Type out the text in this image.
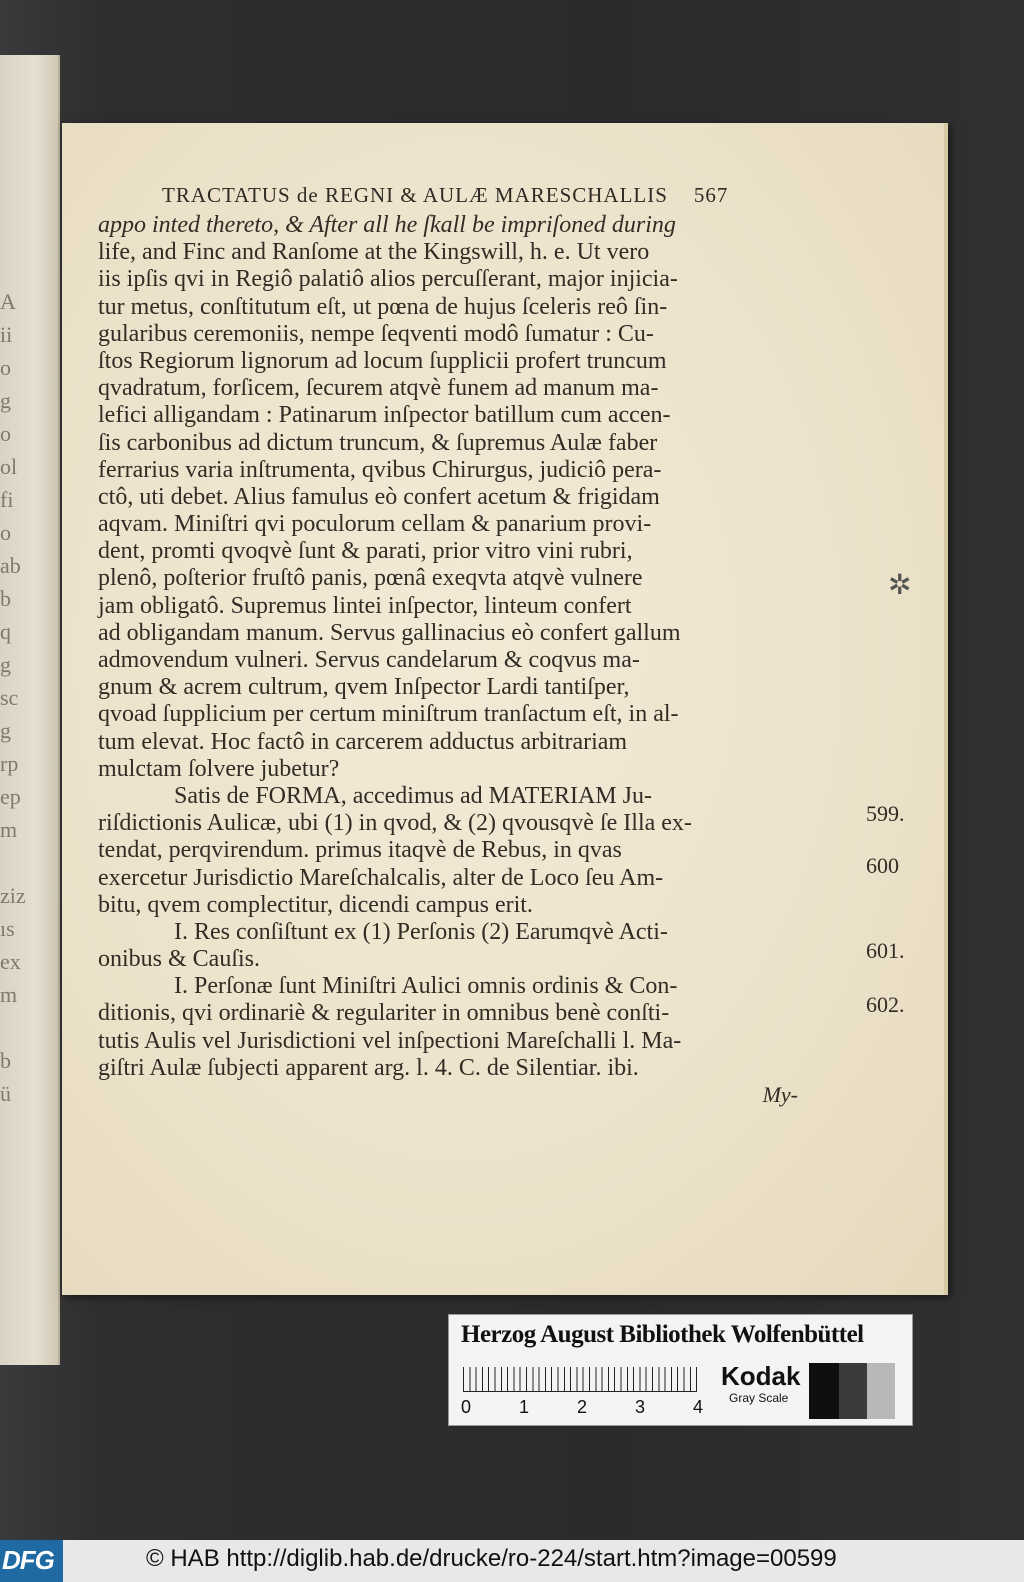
A
ii
o
g
o
ol
fi
o
ab
b
q
g
sc
g
rp
ep
m

ziz
ıs
ex
m

b
ü
TRACTATUS de REGNI & AULÆ MARESCHALLIS 567
appo inted thereto, & After all he ſkall be impriſoned during
life, and Finc and Ranſome at the Kingswill, h. e. Ut vero
iis ipſis qvi in Regiô palatiô alios percuſſerant, major injicia-
tur metus, conſtitutum eſt, ut pœna de hujus ſceleris reô ſin-
gularibus ceremoniis, nempe ſeqventi modô ſumatur : Cu-
ſtos Regiorum lignorum ad locum ſupplicii profert truncum
qvadratum, forſicem, ſecurem atqvè funem ad manum ma-
lefici alligandam : Patinarum inſpector batillum cum accen-
ſis carbonibus ad dictum truncum, & ſupremus Aulæ faber
ferrarius varia inſtrumenta, qvibus Chirurgus, judiciô pera-
ctô, uti debet. Alius famulus eò confert acetum & frigidam
aqvam. Miniſtri qvi poculorum cellam & panarium provi-
dent, promti qvoqvè ſunt & parati, prior vitro vini rubri,
plenô, poſterior fruſtô panis, pœnâ exeqvta atqvè vulnere
jam obligatô. Supremus lintei inſpector, linteum confert
ad obligandam manum. Servus gallinacius eò confert gallum
admovendum vulneri. Servus candelarum & coqvus ma-
gnum & acrem cultrum, qvem Inſpector Lardi tantiſper,
qvoad ſupplicium per certum miniſtrum tranſactum eſt, in al-
tum elevat. Hoc factô in carcerem adductus arbitrariam
mulctam ſolvere jubetur?
Satis de FORMA, accedimus ad MATERIAM Ju-
riſdictionis Aulicæ, ubi (1) in qvod, & (2) qvousqvè ſe Illa ex-
tendat, perqvirendum. primus itaqvè de Rebus, in qvas
exercetur Jurisdictio Mareſchalcalis, alter de Loco ſeu Am-
bitu, qvem complectitur, dicendi campus erit.
I. Res conſiſtunt ex (1) Perſonis (2) Earumqvè Acti-
onibus & Cauſis.
I. Perſonæ ſunt Miniſtri Aulici omnis ordinis & Con-
ditionis, qvi ordinariè & regulariter in omnibus benè conſti-
tutis Aulis vel Jurisdictioni vel inſpectioni Mareſchalli l. Ma-
giſtri Aulæ ſubjecti apparent arg. l. 4. C. de Silentiar. ibi.
My-
599.
600
601.
602.
✲
Herzog August Bibliothek Wolfenbüttel
0	1	2	3	4
Kodak
Gray Scale
DFG	© HAB http://diglib.hab.de/drucke/ro-224/start.htm?image=00599
